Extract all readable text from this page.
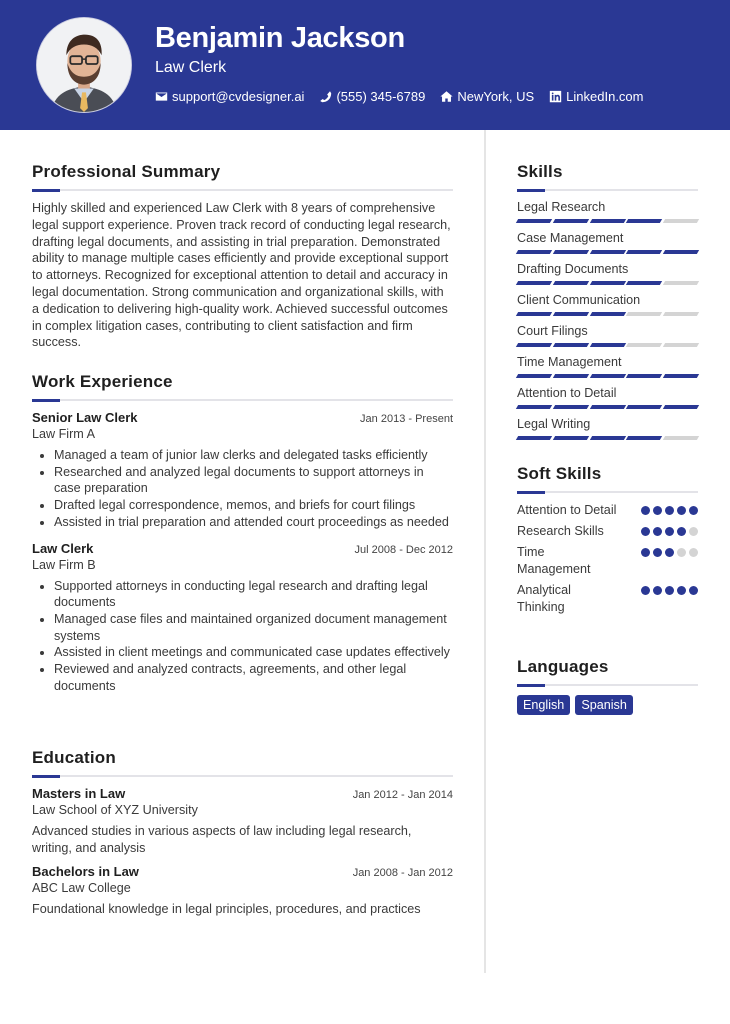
Benjamin Jackson
Law Clerk
support@cvdesigner.ai (555) 345-6789 NewYork, US LinkedIn.com
Professional Summary

Highly skilled and experienced Law Clerk with 8 years of comprehensive legal support experience. Proven track record of conducting legal research, drafting legal documents, and assisting in trial preparation. Demonstrated ability to manage multiple cases efficiently and provide exceptional support to attorneys. Recognized for exceptional attention to detail and accuracy in legal documentation. Strong communication and organizational skills, with a dedication to delivering high-quality work. Achieved successful outcomes in complex litigation cases, contributing to client satisfaction and firm success.

Work Experience
Senior Law Clerk	Jan 2013 - Present
Law Firm A
Managed a team of junior law clerks and delegated tasks efficiently
Researched and analyzed legal documents to support attorneys in case preparation
Drafted legal correspondence, memos, and briefs for court filings
Assisted in trial preparation and attended court proceedings as needed
Law Clerk	Jul 2008 - Dec 2012
Law Firm B
Supported attorneys in conducting legal research and drafting legal documents
Managed case files and maintained organized document management systems
Assisted in client meetings and communicated case updates effectively
Reviewed and analyzed contracts, agreements, and other legal documents
Education
Masters in Law	Jan 2012 - Jan 2014
Law School of XYZ University

Advanced studies in various aspects of law including legal research, writing, and analysis

Bachelors in Law	Jan 2008 - Jan 2012
ABC Law College

Foundational knowledge in legal principles, procedures, and practices

Skills
Legal Research
Case Management
Drafting Documents
Client Communication
Court Filings
Time Management
Attention to Detail
Legal Writing
Soft Skills
Attention to Detail
Research Skills
Time Management
Analytical Thinking
Languages
English	Spanish
